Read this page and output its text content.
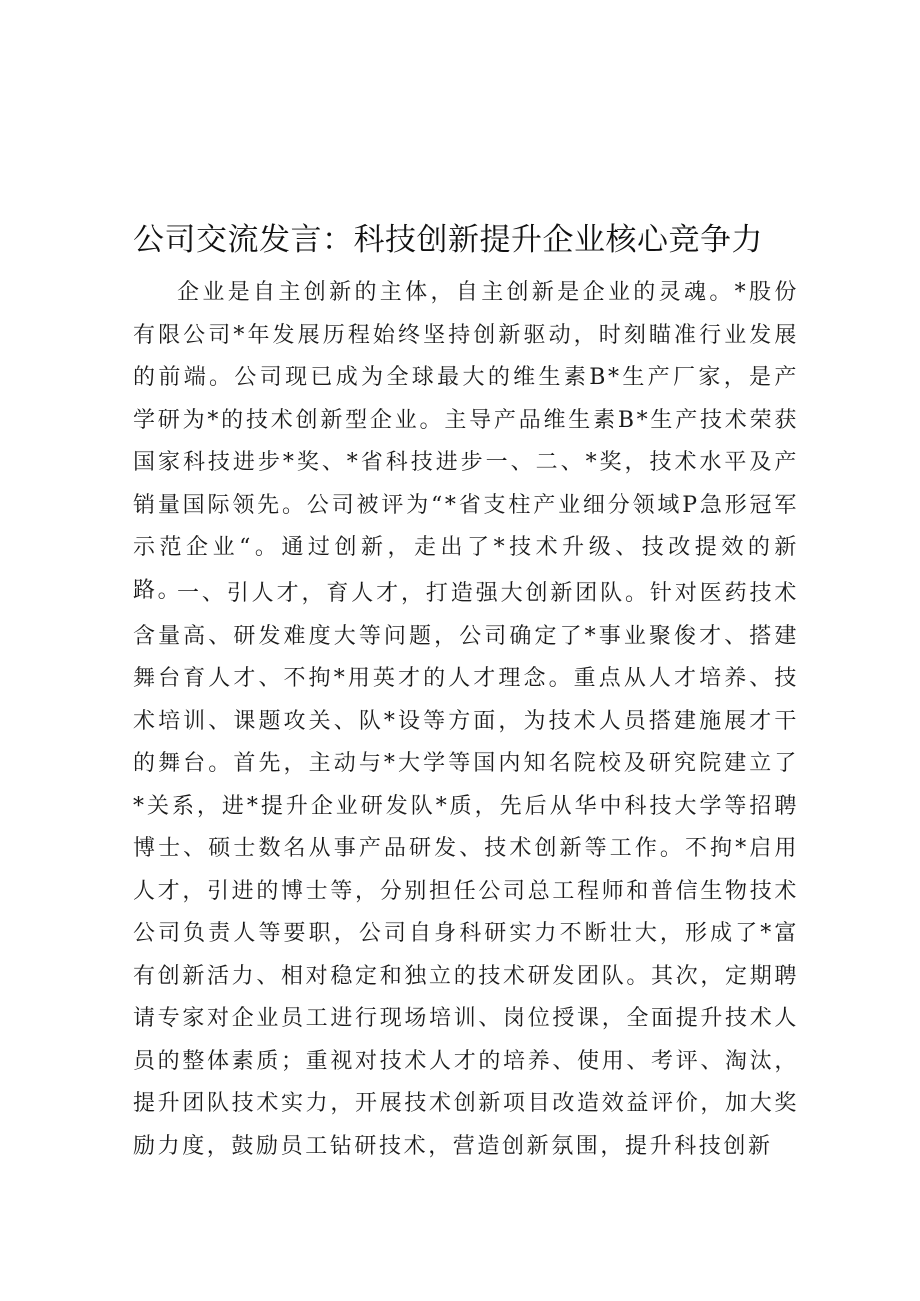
公司交流发言：科技创新提升企业核心竞争力

企业是自主创新的主体，自主创新是企业的灵魂。*股份有限公司*年发展历程始终坚持创新驱动，时刻瞄准行业发展的前端。公司现已成为全球最大的维生素B*生产厂家，是产学研为*的技术创新型企业。主导产品维生素B*生产技术荣获国家科技进步*奖、*省科技进步一、二、*奖，技术水平及产销量国际领先。公司被评为“*省支柱产业细分领域P急形冠军示范企业“。通过创新，走出了*技术升级、技改提效的新路。

一、引人才，育人才，打造强大创新团队。针对医药技术含量高、研发难度大等问题，公司确定了*事业聚俊才、搭建舞台育人才、不拘*用英才的人才理念。重点从人才培养、技术培训、课题攻关、队*设等方面，为技术人员搭建施展才干的舞台。首先，主动与*大学等国内知名院校及研究院建立了*关系，进*提升企业研发队*质，先后从华中科技大学等招聘博士、硕士数名从事产品研发、技术创新等工作。不拘*启用人才，引进的博士等，分别担任公司总工程师和普信生物技术公司负责人等要职，公司自身科研实力不断壮大，形成了*富有创新活力、相对稳定和独立的技术研发团队。其次，定期聘请专家对企业员工进行现场培训、岗位授课，全面提升技术人员的整体素质；重视对技术人才的培养、使用、考评、淘汰，提升团队技术实力，开展技术创新项目改造效益评价，加大奖励力度，鼓励员工钻研技术，营造创新氛围，提升科技创新
